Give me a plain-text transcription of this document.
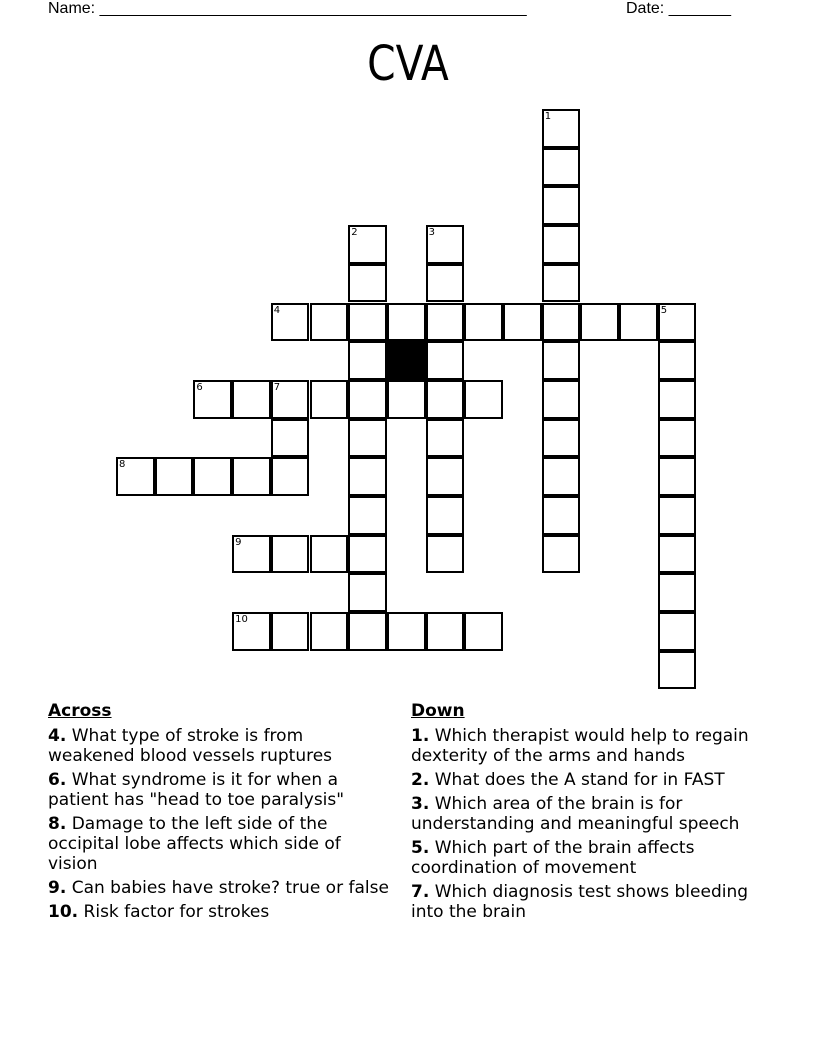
Name: ________________________________________________	Date: _______
CVA
1
2	3
4	5
6	7
8
9
10
Across
4. What type of stroke is from weakened blood vessels ruptures
6. What syndrome is it for when a patient has "head to toe paralysis"
8. Damage to the left side of the occipital lobe affects which side of vision
9. Can babies have stroke? true or false
10. Risk factor for strokes
Down
1. Which therapist would help to regain dexterity of the arms and hands
2. What does the A stand for in FAST
3. Which area of the brain is for understanding and meaningful speech
5. Which part of the brain affects coordination of movement
7. Which diagnosis test shows bleeding into the brain
